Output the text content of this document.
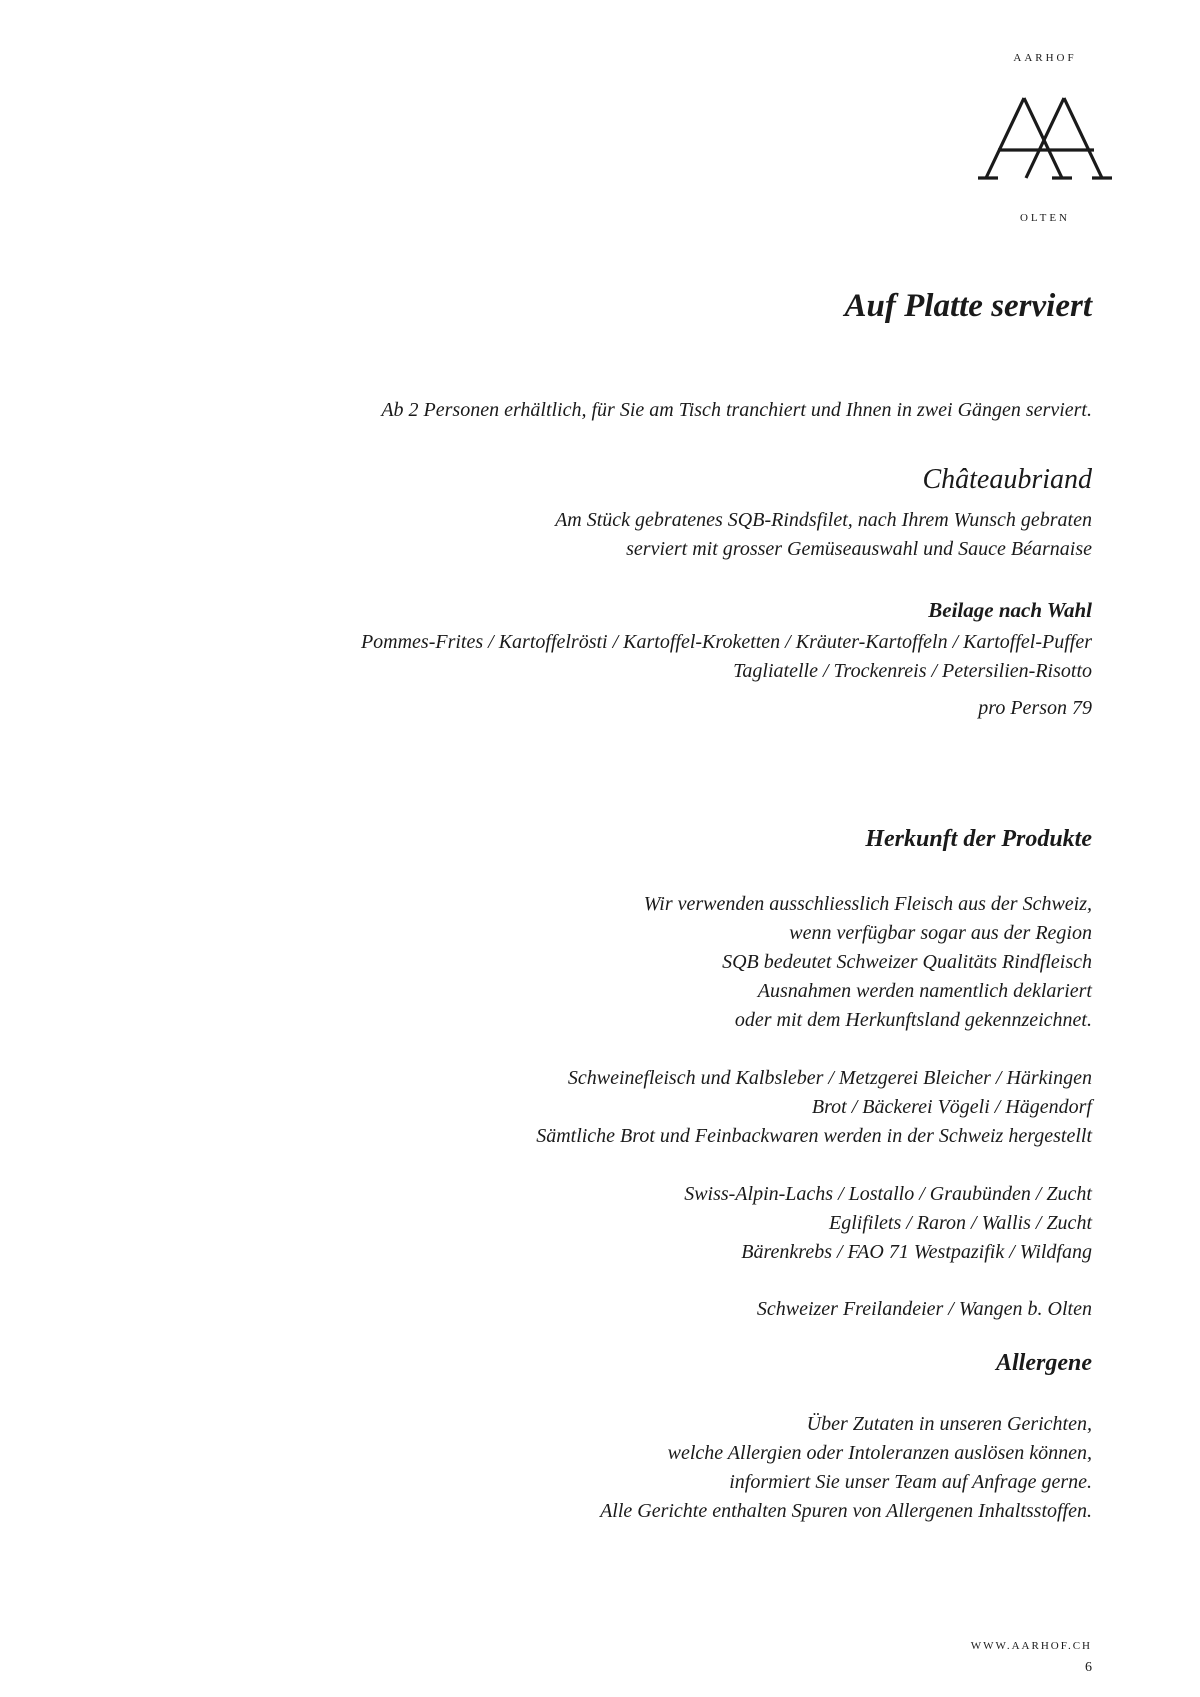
AARHOF
OLTEN
Auf Platte serviert
Ab 2 Personen erhältlich, für Sie am Tisch tranchiert und Ihnen in zwei Gängen serviert.
Châteaubriand
Am Stück gebratenes SQB-Rindsfilet, nach Ihrem Wunsch gebraten
serviert mit grosser Gemüseauswahl und Sauce Béarnaise
Beilage nach Wahl
Pommes-Frites / Kartoffelrösti / Kartoffel-Kroketten / Kräuter-Kartoffeln / Kartoffel-Puffer
Tagliatelle / Trockenreis / Petersilien-Risotto
pro Person 79
Herkunft der Produkte
Wir verwenden ausschliesslich Fleisch aus der Schweiz,
wenn verfügbar sogar aus der Region
SQB bedeutet Schweizer Qualitäts Rindfleisch
Ausnahmen werden namentlich deklariert
oder mit dem Herkunftsland gekennzeichnet.
Schweinefleisch und Kalbsleber / Metzgerei Bleicher / Härkingen
Brot / Bäckerei Vögeli / Hägendorf
Sämtliche Brot und Feinbackwaren werden in der Schweiz hergestellt
Swiss-Alpin-Lachs / Lostallo / Graubünden / Zucht
Eglifilets / Raron / Wallis / Zucht
Bärenkrebs / FAO 71 Westpazifik / Wildfang
Schweizer Freilandeier / Wangen b. Olten
Allergene
Über Zutaten in unseren Gerichten,
welche Allergien oder Intoleranzen auslösen können,
informiert Sie unser Team auf Anfrage gerne.
Alle Gerichte enthalten Spuren von Allergenen Inhaltsstoffen.
WWW.AARHOF.CH
6
